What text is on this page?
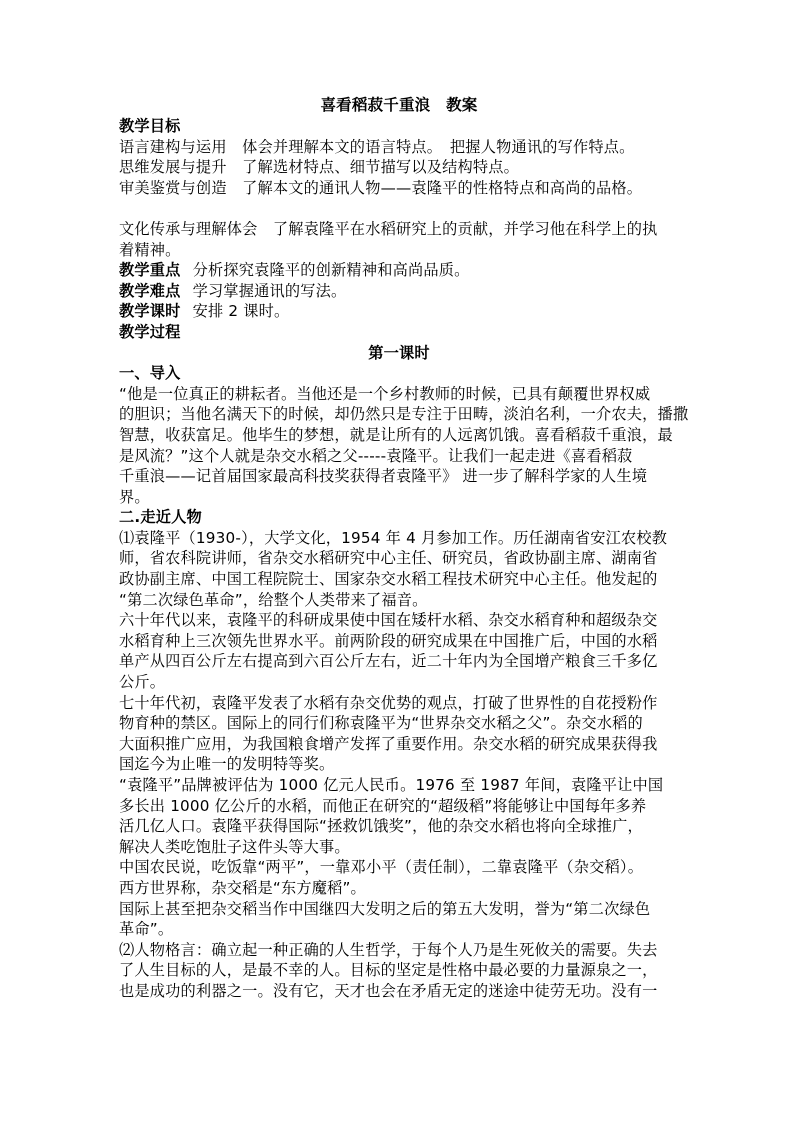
喜看稻菽千重浪　教案
教学目标
语言建构与运用　体会并理解本文的语言特点。　把握人物通讯的写作特点。
思维发展与提升　了解选材特点、细节描写以及结构特点。
审美鉴赏与创造　了解本文的通讯人物——袁隆平的性格特点和高尚的品格。
文化传承与理解体会　了解袁隆平在水稻研究上的贡献，并学习他在科学上的执
着精神。
教学重点 分析探究袁隆平的创新精神和高尚品质。
教学难点 学习掌握通讯的写法。
教学课时 安排 2 课时。
教学过程
第一课时
一、导入
“他是一位真正的耕耘者。当他还是一个乡村教师的时候，已具有颠覆世界权威
的胆识；当他名满天下的时候，却仍然只是专注于田畴，淡泊名利，一介农夫，播撒
智慧，收获富足。他毕生的梦想，就是让所有的人远离饥饿。喜看稻菽千重浪，最
是风流？”这个人就是杂交水稻之父-----袁隆平。让我们一起走进《喜看稻菽
千重浪——记首届国家最高科技奖获得者袁隆平》 进一步了解科学家的人生境
界。
二.走近人物
⑴袁隆平（1930-），大学文化，1954 年 4 月参加工作。历任湖南省安江农校教
师，省农科院讲师，省杂交水稻研究中心主任、研究员，省政协副主席、湖南省
政协副主席、中国工程院院士、国家杂交水稻工程技术研究中心主任。他发起的
“第二次绿色革命”，给整个人类带来了福音。
六十年代以来，袁隆平的科研成果使中国在矮杆水稻、杂交水稻育种和超级杂交
水稻育种上三次领先世界水平。前两阶段的研究成果在中国推广后，中国的水稻
单产从四百公斤左右提高到六百公斤左右，近二十年内为全国增产粮食三千多亿
公斤。
七十年代初，袁隆平发表了水稻有杂交优势的观点，打破了世界性的自花授粉作
物育种的禁区。国际上的同行们称袁隆平为“世界杂交水稻之父”。杂交水稻的
大面积推广应用，为我国粮食增产发挥了重要作用。杂交水稻的研究成果获得我
国迄今为止唯一的发明特等奖。
“袁隆平”品牌被评估为 1000 亿元人民币。1976 至 1987 年间，袁隆平让中国
多长出 1000 亿公斤的水稻，而他正在研究的“超级稻”将能够让中国每年多养
活几亿人口。袁隆平获得国际“拯救饥饿奖”，他的杂交水稻也将向全球推广，
解决人类吃饱肚子这件头等大事。
中国农民说，吃饭靠“两平”，一靠邓小平（责任制），二靠袁隆平（杂交稻）。
西方世界称，杂交稻是“东方魔稻”。
国际上甚至把杂交稻当作中国继四大发明之后的第五大发明，誉为“第二次绿色
革命”。
⑵人物格言：确立起一种正确的人生哲学，于每个人乃是生死攸关的需要。失去
了人生目标的人，是最不幸的人。目标的坚定是性格中最必要的力量源泉之一，
也是成功的利器之一。没有它，天才也会在矛盾无定的迷途中徒劳无功。没有一
